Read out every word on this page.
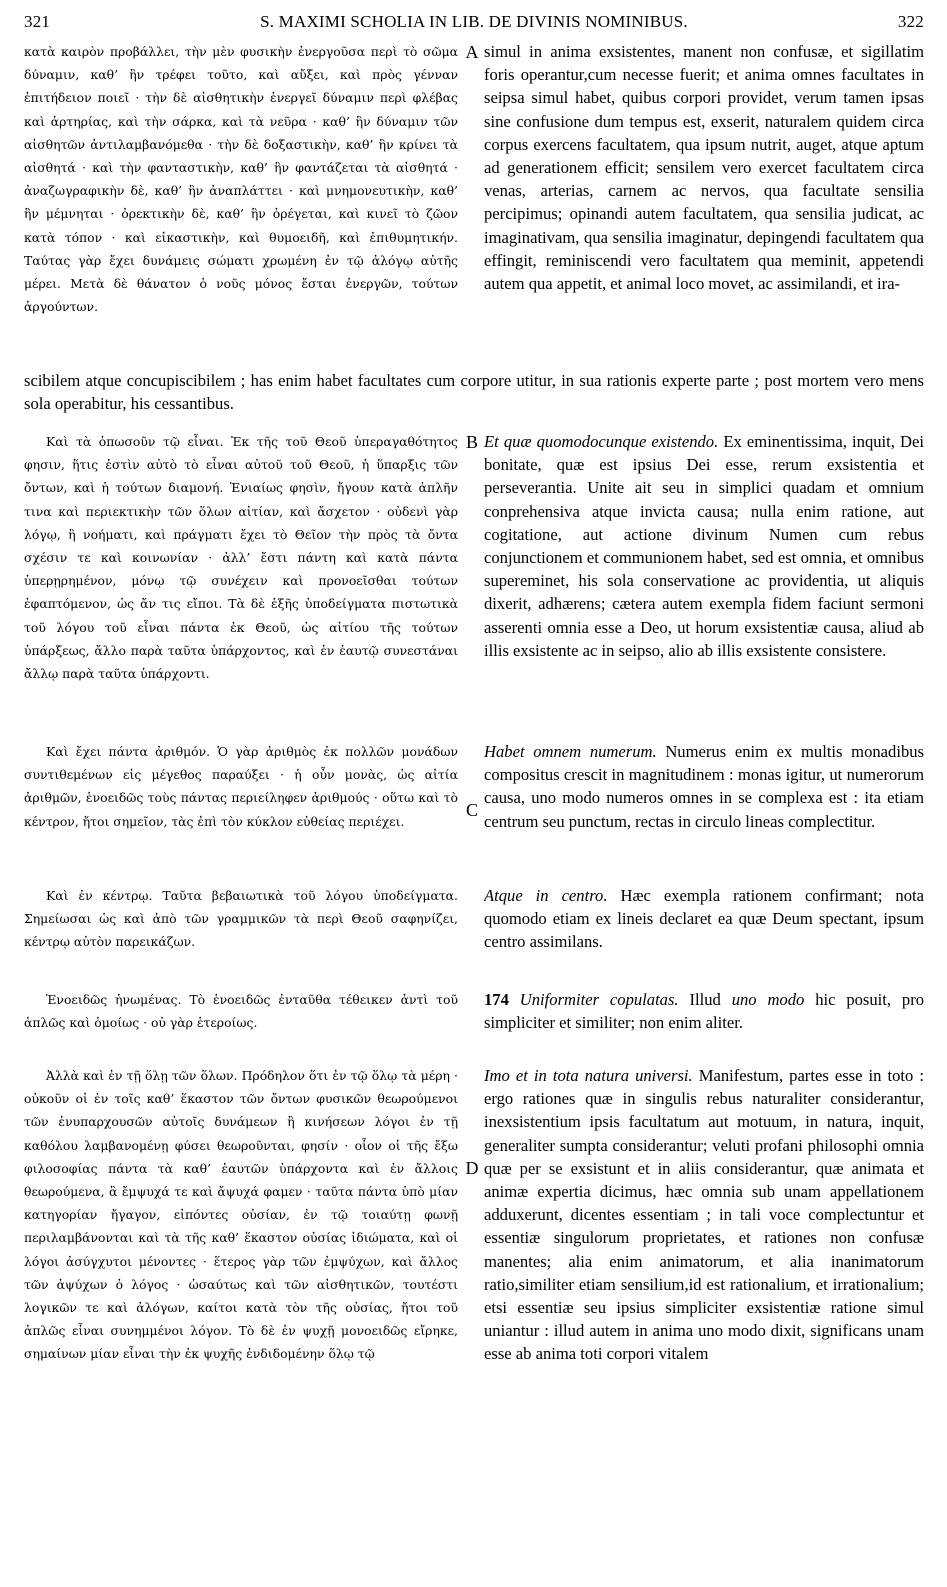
321	S. MAXIMI SCHOLIA IN LIB. DE DIVINIS NOMINIBUS.	322

κατὰ καιρὸν προβάλλει, τὴν μὲν φυσικὴν ἐνεργοῦσα περὶ τὸ σῶμα δύναμιν, καθ’ ἣν τρέφει τοῦτο, καὶ αὔξει, καὶ πρὸς γένναν ἐπιτήδειον ποιεῖ · τὴν δὲ αἰσθητικὴν ἐνεργεῖ δύναμιν περὶ φλέβας καὶ ἀρτηρίας, καὶ τὴν σάρκα, καὶ τὰ νεῦρα · καθ’ ἣν δύναμιν τῶν αἰσθητῶν ἀντιλαμβανόμεθα · τὴν δὲ δοξαστικὴν, καθ’ ἣν κρίνει τὰ αἰσθητά · καὶ τὴν φανταστικὴν, καθ’ ἣν φαντάζεται τὰ αἰσθητά · ἀναζωγραφικὴν δὲ, καθ’ ἣν ἀναπλάττει · καὶ μνημονευτικὴν, καθ’ ἣν μέμνηται · ὀρεκτικὴν δὲ, καθ’ ἣν ὀρέγεται, καὶ κινεῖ τὸ ζῶον κατὰ τόπον · καὶ εἰκαστικὴν, καὶ θυμοειδῆ, καὶ ἐπιθυμητικήν. Ταύτας γὰρ ἔχει δυνάμεις σώματι χρωμένη ἐν τῷ ἀλόγῳ αὐτῆς μέρει. Μετὰ δὲ θάνατον ὁ νοῦς μόνος ἔσται ἐνεργῶν, τούτων ἀργούντων.

A simul in anima exsistentes, manent non confusæ, et sigillatim foris operantur,cum necesse fuerit; et anima omnes facultates in seipsa simul habet, quibus corpori providet, verum tamen ipsas sine confusione dum tempus est, exserit, naturalem quidem circa corpus exercens facultatem, qua ipsum nutrit, auget, atque aptum ad generationem efficit; sensilem vero exercet facultatem circa venas, arterias, carnem ac nervos, qua facultate sensilia percipimus; opinandi autem facultatem, qua sensilia judicat, ac imaginativam, qua sensilia imaginatur, depingendi facultatem qua effingit, reminiscendi vero facultatem qua meminit, appetendi autem qua appetit, et animal loco movet, ac assimilandi, et ira-

scibilem atque concupiscibilem ; has enim habet facultates cum corpore utitur, in sua rationis experte parte ; post mortem vero mens sola operabitur, his cessantibus.

Καὶ τὰ ὁπωσοῦν τῷ εἶναι. Ἐκ τῆς τοῦ Θεοῦ ὑπεραγαθότητος φησιν, ἥτις ἐστὶν αὐτὸ τὸ εἶναι αὐτοῦ τοῦ Θεοῦ, ἡ ὕπαρξις τῶν ὄντων, καὶ ἡ τούτων διαμονή. Ἑνιαίως φησὶν, ἤγουν κατὰ ἁπλῆν τινα καὶ περιεκτικὴν τῶν ὅλων αἰτίαν, καὶ ἄσχετον · οὐδενὶ γὰρ λόγῳ, ἢ νοήματι, καὶ πράγματι ἔχει τὸ Θεῖον τὴν πρὸς τὰ ὄντα σχέσιν τε καὶ κοινωνίαν · ἀλλ’ ἔστι πάντη καὶ κατὰ πάντα ὑπερῃρημένον, μόνῳ τῷ συνέχειν καὶ προνοεῖσθαι τούτων ἐφαπτόμενον, ὡς ἄν τις εἴποι. Τὰ δὲ ἑξῆς ὑποδείγματα πιστωτικὰ τοῦ λόγου τοῦ εἶναι πάντα ἐκ Θεοῦ, ὡς αἰτίου τῆς τούτων ὑπάρξεως, ἄλλο παρὰ ταῦτα ὑπάρχοντος, καὶ ἐν ἑαυτῷ συνεστάναι ἄλλῳ παρὰ ταῦτα ὑπάρχοντι.

B Et quæ quomodocunque existendo. Ex eminentissima, inquit, Dei bonitate, quæ est ipsius Dei esse, rerum exsistentia et perseverantia. Unite ait seu in simplici quadam et omnium conprehensiva atque invicta causa; nulla enim ratione, aut cogitatione, aut actione divinum Numen cum rebus conjunctionem et communionem habet, sed est omnia, et omnibus supereminet, his sola conservatione ac providentia, ut aliquis dixerit, adhærens; cætera autem exempla fidem faciunt sermoni asserenti omnia esse a Deo, ut horum exsistentiæ causa, aliud ab illis exsistente ac in seipso, alio ab illis exsistente consistere.

Καὶ ἔχει πάντα ἀριθμόν. Ὁ γὰρ ἀριθμὸς ἐκ πολλῶν μονάδων συντιθεμένων εἰς μέγεθος παραύξει · ἡ οὖν μονὰς, ὡς αἰτία ἀριθμῶν, ἑνοειδῶς τοὺς πάντας περιείληφεν ἀριθμούς · οὕτω καὶ τὸ κέντρον, ἤτοι σημεῖον, τὰς ἐπὶ τὸν κύκλον εὐθείας περιέχει.

C

Habet omnem numerum. Numerus enim ex multis monadibus compositus crescit in magnitudinem : monas igitur, ut numerorum causa, uno modo numeros omnes in se complexa est : ita etiam centrum seu punctum, rectas in circulo lineas complectitur.

Καὶ ἐν κέντρῳ. Ταῦτα βεβαιωτικὰ τοῦ λόγου ὑποδείγματα. Σημείωσαι ὡς καὶ ἀπὸ τῶν γραμμικῶν τὰ περὶ Θεοῦ σαφηνίζει, κέντρῳ αὐτὸν παρεικάζων.

Atque in centro. Hæc exempla rationem confirmant; nota quomodo etiam ex lineis declaret ea quæ Deum spectant, ipsum centro assimilans.

Ἑνοειδῶς ἡνωμένας. Τὸ ἑνοειδῶς ἐνταῦθα τέθεικεν ἀντὶ τοῦ ἁπλῶς καὶ ὁμοίως · οὐ γὰρ ἑτεροίως.

174 Uniformiter copulatas. Illud uno modo hic posuit, pro simpliciter et similiter; non enim aliter.

Ἀλλὰ καὶ ἐν τῇ ὅλῃ τῶν ὅλων. Πρόδηλον ὅτι ἐν τῷ ὅλῳ τὰ μέρη · οὐκοῦν οἱ ἐν τοῖς καθ’ ἕκαστον τῶν ὄντων φυσικῶν θεωρούμενοι τῶν ἐνυπαρχουσῶν αὐτοῖς δυνάμεων ἢ κινήσεων λόγοι ἐν τῇ καθόλου λαμβανομένῃ φύσει θεωροῦνται, φησίν · οἷον οἱ τῆς ἔξω φιλοσοφίας πάντα τὰ καθ’ ἑαυτῶν ὑπάρχοντα καὶ ἐν ἄλλοις θεωρούμενα, ἃ ἔμψυχά τε καὶ ἄψυχά φαμεν · ταῦτα πάντα ὑπὸ μίαν κατηγορίαν ἤγαγον, εἰπόντες οὐσίαν, ἐν τῷ τοιαύτῃ φωνῇ περιλαμβάνονται καὶ τὰ τῆς καθ’ ἕκαστον οὐσίας ἰδιώματα, καὶ οἱ λόγοι ἀσύγχυτοι μένοντες · ἕτερος γὰρ τῶν ἐμψύχων, καὶ ἄλλος τῶν ἀψύχων ὁ λόγος · ὡσαύτως καὶ τῶν αἰσθητικῶν, τουτέστι λογικῶν τε καὶ ἀλόγων, καίτοι κατὰ τὸν τῆς οὐσίας, ἤτοι τοῦ ἁπλῶς εἶναι συνημμένοι λόγον. Τὸ δὲ ἐν ψυχῇ μονοειδῶς εἴρηκε, σημαίνων μίαν εἶναι τὴν ἐκ ψυχῆς ἐνδιδομένην ὅλῳ τῷ

D

Imo et in tota natura universi. Manifestum, partes esse in toto : ergo rationes quæ in singulis rebus naturaliter considerantur, inexsistentium ipsis facultatum aut motuum, in natura, inquit, generaliter sumpta considerantur; veluti profani philosophi omnia quæ per se exsistunt et in aliis considerantur, quæ animata et animæ expertia dicimus, hæc omnia sub unam appellationem adduxerunt, dicentes essentiam ; in tali voce complectuntur et essentiæ singulorum proprietates, et rationes non confusæ manentes; alia enim animatorum, et alia inanimatorum ratio,similiter etiam sensilium,id est rationalium, et irrationalium; etsi essentiæ seu ipsius simpliciter exsistentiæ ratione simul uniantur : illud autem in anima uno modo dixit, significans unam esse ab anima toti corpori vitalem
